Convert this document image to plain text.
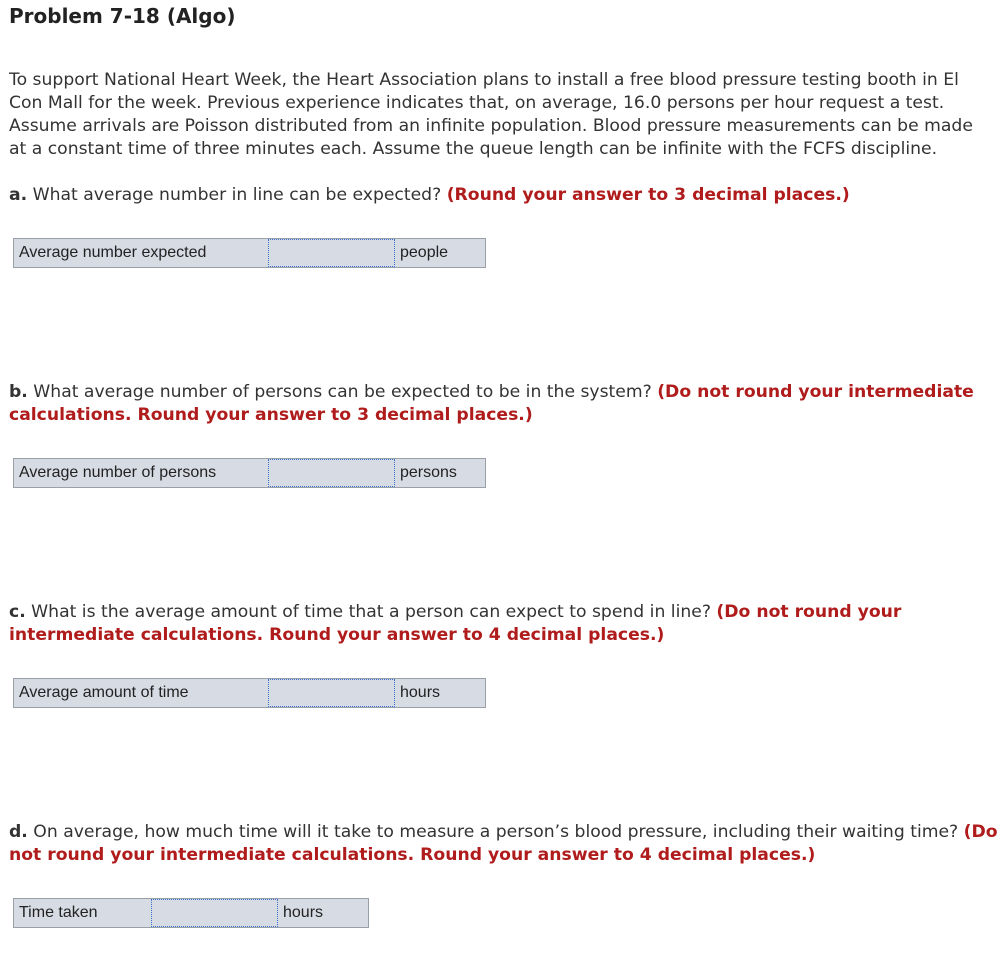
Problem 7-18 (Algo)
To support National Heart Week, the Heart Association plans to install a free blood pressure testing booth in El Con Mall for the week. Previous experience indicates that, on average, 16.0 persons per hour request a test. Assume arrivals are Poisson distributed from an infinite population. Blood pressure measurements can be made at a constant time of three minutes each. Assume the queue length can be infinite with the FCFS discipline.
a. What average number in line can be expected? (Round your answer to 3 decimal places.)
Average number expected	people
b. What average number of persons can be expected to be in the system? (Do not round your intermediate calculations. Round your answer to 3 decimal places.)
Average number of persons	persons
c. What is the average amount of time that a person can expect to spend in line? (Do not round your intermediate calculations. Round your answer to 4 decimal places.)
Average amount of time	hours
d. On average, how much time will it take to measure a person’s blood pressure, including their waiting time? (Do not round your intermediate calculations. Round your answer to 4 decimal places.)
Time taken	hours
